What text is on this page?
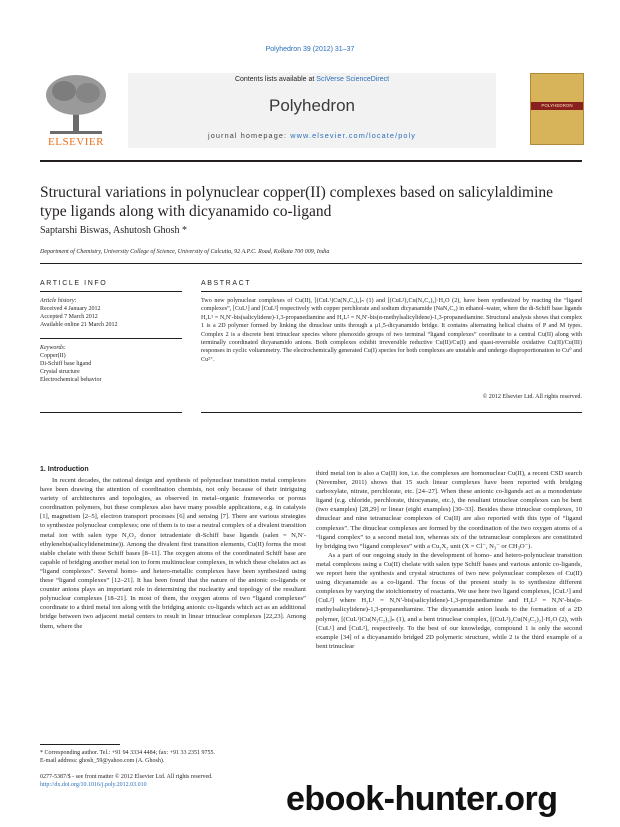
Polyhedron 39 (2012) 31–37
ELSEVIER
Contents lists available at SciVerse ScienceDirect
Polyhedron
journal homepage: www.elsevier.com/locate/poly
POLYHEDRON
Structural variations in polynuclear copper(II) complexes based on salicylaldimine type ligands along with dicyanamido co-ligand
Saptarshi Biswas, Ashutosh Ghosh *
Department of Chemistry, University College of Science, University of Calcutta, 92 A.P.C. Road, Kolkata 700 009, India
ARTICLE INFO	ABSTRACT
Article history:
Received 4 January 2012
Accepted 7 March 2012
Available online 21 March 2012
Keywords:
Copper(II)
Di-Schiff base ligand
Crystal structure
Electrochemical behavior
Two new polynuclear complexes of Cu(II), [(CuL¹)Cu(N₃C₂)₂]ₙ (1) and [(CuL²)₂Cu(N₃C₂)₂]·H₂O (2), have been synthesized by reacting the “ligand complexes”, [CuL¹] and [CuL²] respectively with copper perchlorate and sodium dicyanamide (NaN₃C₂) in ethanol–water, where the di-Schiff base ligands H₂L¹ = N,N′-bis(salicylidene)-1,3-propanediamine and H₂L² = N,N′-bis(α-methylsalicylidene)-1,3-propanediamine. Structural analysis shows that complex 1 is a 2D polymer formed by linking the dinuclear units through a μ1,5-dicyanamido bridge. It contains alternating helical chains of P and M types. Complex 2 is a discrete bent trinuclear species where phenoxido groups of two terminal “ligand complexes” coordinate to a central Cu(II) along with terminally coordinated dicyanamido anions. Both complexes exhibit irreversible reductive Cu(II)/Cu(I) and quasi-reversible oxidative Cu(II)/Cu(III) responses in cyclic voltammetry. The electrochemically generated Cu(I) species for both complexes are unstable and undergo disproportionation to Cu⁰ and Cu²⁺.
© 2012 Elsevier Ltd. All rights reserved.
1. Introduction

In recent decades, the rational design and synthesis of polynuclear transition metal complexes have been drawing the attention of coordination chemists, not only because of their intriguing variety of architectures and topologies, as observed in metal–organic frameworks or porous coordination polymers, but these complexes also have many possible applications, e.g. in catalysis [1], magnetism [2–5], electron transport processes [6] and sensing [7]. There are various strategies to synthesize polynuclear complexes; one of them is to use a neutral complex of a divalent transition metal ion with salen type N₂O₂ donor tetradentate di-Schiff base ligands (salen = N,N′-ethylenebis(salicylideneimine)). Among the divalent first transition elements, Cu(II) forms the most stable chelate with these Schiff bases [8–11]. The oxygen atoms of the coordinated Schiff base are capable of bridging another metal ion to form multinuclear complexes, in which these chelates act as “ligand complexes”. Several homo- and hetero-metallic complexes have been synthesized using these “ligand complexes” [12–21]. It has been found that the nature of the anionic co-ligands or counter anions plays an important role in determining the nuclearity and topology of the resultant polynuclear complexes [18–21]. In most of them, the oxygen atoms of two “ligand complexes” coordinate to a third metal ion along with the bridging anionic co-ligands which act as an additional bridge between two adjacent metal centers to result in linear trinuclear complexes [22,23]. Among them, where the

third metal ion is also a Cu(II) ion, i.e. the complexes are homonuclear Cu(II), a recent CSD search (November, 2011) shows that 15 such linear complexes have been reported with bridging carboxylate, nitrate, perchlorate, etc. [24–27]. When these anionic co-ligands act as a monodentate ligand (e.g. chloride, perchlorate, thiocyanate, etc.), the resultant trinuclear complexes can be bent (two examples) [28,29] or linear (eight examples) [30–33]. Besides these trinuclear complexes, 10 dinuclear and nine tetranuclear complexes of Cu(II) are also reported with this type of “ligand complexes”. The dinuclear complexes are formed by the coordination of the two oxygen atoms of a “ligand complex” to a second metal ion, whereas six of the tetranuclear complexes are constituted by bridging two “ligand complexes” with a Cu₂X₂ unit (X = Cl⁻, N₃⁻ or CH₃O⁻).

As a part of our ongoing study in the development of homo- and hetero-polynuclear transition metal complexes using a Cu(II) chelate with salen type Schiff bases and various anionic co-ligands, we report here the synthesis and crystal structures of two new polynuclear complexes of Cu(II) using dicyanamide as a co-ligand. The focus of the present study is to synthesize different complexes by varying the stoichiometry of reactants. We use here two ligand complexes, [CuL¹] and [CuL²] where H₂L¹ = N,N′-bis(salicylidene)-1,3-propanediamine and H₂L² = N,N′-bis(α-methylsalicylidene)-1,3-propanediamine. The dicyanamide anion leads to the formation of a 2D polymer, [(CuL¹)Cu(N₃C₂)₂]ₙ (1), and a bent trinuclear complex, [(CuL²)₂Cu(N₃C₂)₂]·H₂O (2), with [CuL¹] and [CuL²], respectively. To the best of our knowledge, compound 1 is only the second example [34] of a dicyanamido bridged 2D polymeric structure, while 2 is the third example of a bent trinuclear

* Corresponding author. Tel.: +91 94 3334 4484; fax: +91 33 2351 9755.
E-mail address: ghosh_59@yahoo.com (A. Ghosh).
0277-5387/$ - see front matter © 2012 Elsevier Ltd. All rights reserved.
http://dx.doi.org/10.1016/j.poly.2012.03.010	ebook-hunter.org
